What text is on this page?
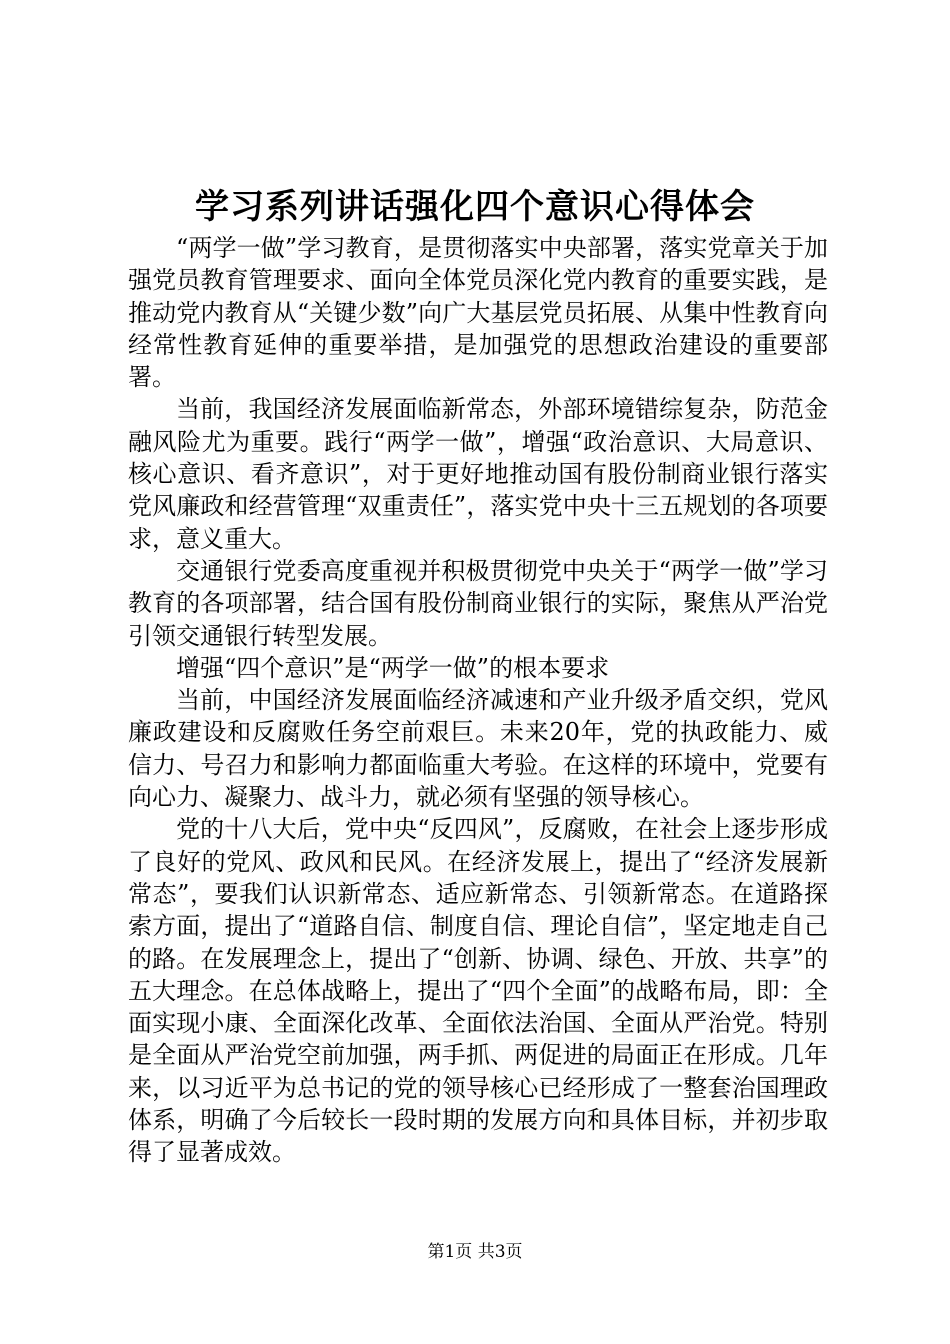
学习系列讲话强化四个意识心得体会

“两学一做”学习教育，是贯彻落实中央部署，落实党章关于加强党员教育管理要求、面向全体党员深化党内教育的重要实践，是推动党内教育从“关键少数”向广大基层党员拓展、从集中性教育向经常性教育延伸的重要举措，是加强党的思想政治建设的重要部署。

当前，我国经济发展面临新常态，外部环境错综复杂，防范金融风险尤为重要。践行“两学一做”，增强“政治意识、大局意识、核心意识、看齐意识”，对于更好地推动国有股份制商业银行落实党风廉政和经营管理“双重责任”，落实党中央十三五规划的各项要求，意义重大。

交通银行党委高度重视并积极贯彻党中央关于“两学一做”学习教育的各项部署，结合国有股份制商业银行的实际，聚焦从严治党引领交通银行转型发展。

增强“四个意识”是“两学一做”的根本要求

当前，中国经济发展面临经济减速和产业升级矛盾交织，党风廉政建设和反腐败任务空前艰巨。未来20年，党的执政能力、威信力、号召力和影响力都面临重大考验。在这样的环境中，党要有向心力、凝聚力、战斗力，就必须有坚强的领导核心。

党的十八大后，党中央“反四风”，反腐败，在社会上逐步形成了良好的党风、政风和民风。在经济发展上，提出了“经济发展新常态”，要我们认识新常态、适应新常态、引领新常态。在道路探索方面，提出了“道路自信、制度自信、理论自信”，坚定地走自己的路。在发展理念上，提出了“创新、协调、绿色、开放、共享”的五大理念。在总体战略上，提出了“四个全面”的战略布局，即：全面实现小康、全面深化改革、全面依法治国、全面从严治党。特别是全面从严治党空前加强，两手抓、两促进的局面正在形成。几年来，以习近平为总书记的党的领导核心已经形成了一整套治国理政体系，明确了今后较长一段时期的发展方向和具体目标，并初步取得了显著成效。

第1页 共3页
